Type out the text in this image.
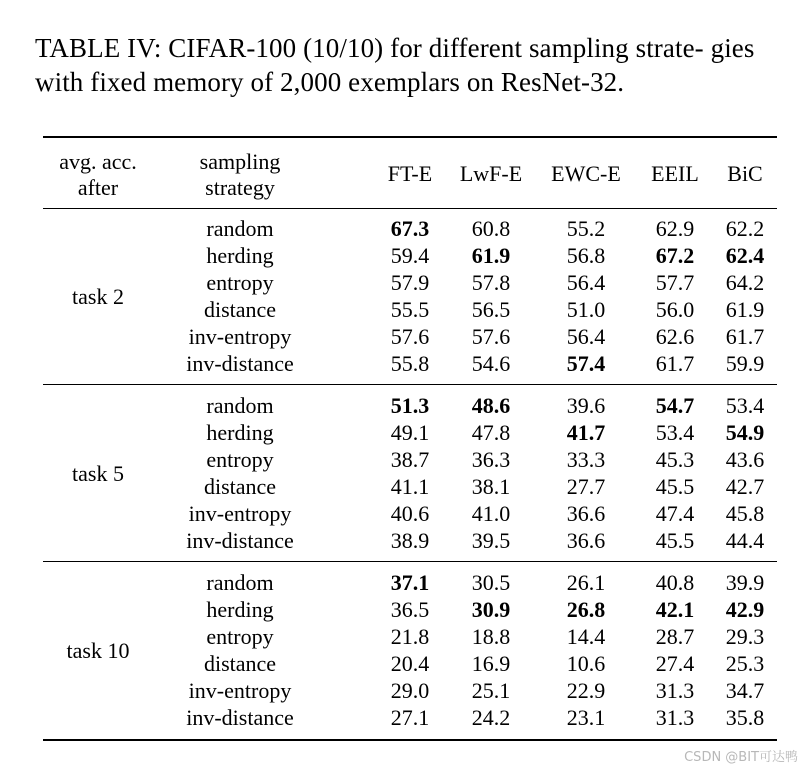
TABLE IV: CIFAR-100 (10/10) for different sampling strate- gies with fixed memory of 2,000 exemplars on ResNet-32.
avg. acc.
after
sampling
strategy
FT-E	LwF-E EWC-E	EEIL	BiC
task 2
random	67.3	60.8	55.2	62.9	62.2
herding	59.4	61.9	56.8	67.2	62.4
entropy	57.9	57.8	56.4	57.7	64.2
distance	55.5	56.5	51.0	56.0	61.9
inv-entropy	57.6	57.6	56.4	62.6	61.7
inv-distance	55.8	54.6	57.4	61.7	59.9
task 5
random	51.3	48.6	39.6	54.7	53.4
herding	49.1	47.8	41.7	53.4	54.9
entropy	38.7	36.3	33.3	45.3	43.6
distance	41.1	38.1	27.7	45.5	42.7
inv-entropy	40.6	41.0	36.6	47.4	45.8
inv-distance	38.9	39.5	36.6	45.5	44.4
task 10
random	37.1	30.5	26.1	40.8	39.9
herding	36.5	30.9	26.8	42.1	42.9
entropy	21.8	18.8	14.4	28.7	29.3
distance	20.4	16.9	10.6	27.4	25.3
inv-entropy	29.0	25.1	22.9	31.3	34.7
inv-distance	27.1	24.2	23.1	31.3	35.8
CSDN @BIT可达鸭
